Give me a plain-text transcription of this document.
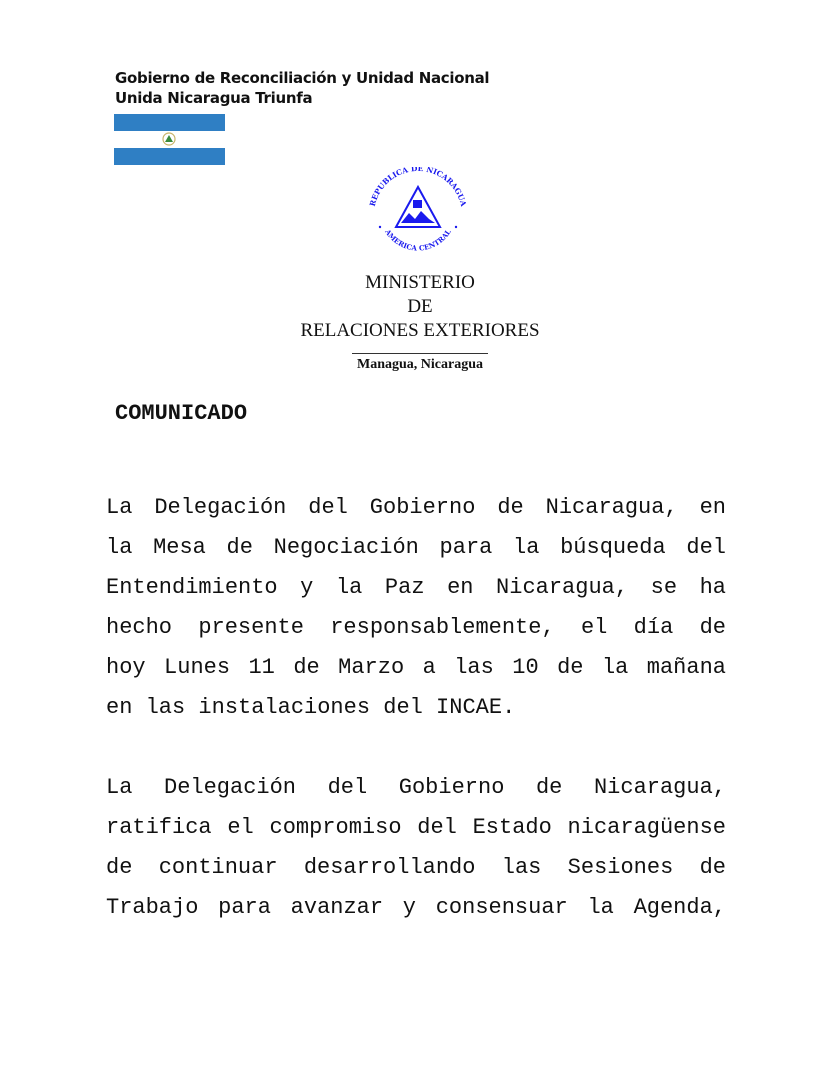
Gobierno de Reconciliación y Unidad Nacional
Unida Nicaragua Triunfa
REPUBLICA DE NICARAGUA
AMERICA CENTRAL
MINISTERIO
DE
RELACIONES EXTERIORES
Managua, Nicaragua
COMUNICADO
La Delegación del Gobierno de Nicaragua, en
la Mesa de Negociación para la búsqueda del
Entendimiento y la Paz en Nicaragua, se ha
hecho presente responsablemente, el día de
hoy Lunes 11 de Marzo a las 10 de la mañana
en las instalaciones del INCAE.
La Delegación del Gobierno de Nicaragua,
ratifica el compromiso del Estado nicaragüense
de continuar desarrollando las Sesiones de
Trabajo para avanzar y consensuar la Agenda,
